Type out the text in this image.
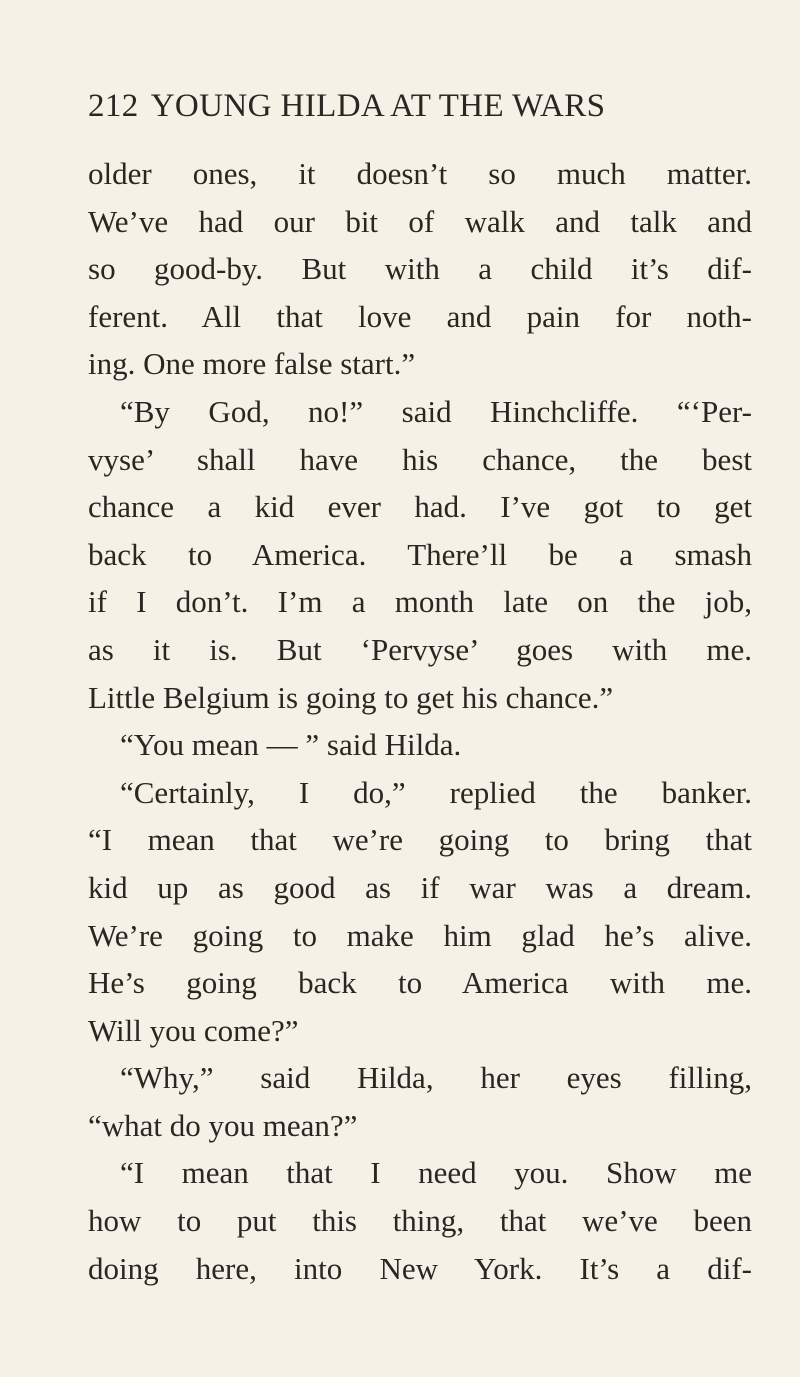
212 YOUNG HILDA AT THE WARS
older ones, it doesn’t so much matter.
We’ve had our bit of walk and talk and
so good-by. But with a child it’s dif-
ferent. All that love and pain for noth-
ing. One more false start.”
“By God, no!” said Hinchcliffe. “‘Per-
vyse’ shall have his chance, the best
chance a kid ever had. I’ve got to get
back to America. There’ll be a smash
if I don’t. I’m a month late on the job,
as it is. But ‘Pervyse’ goes with me.
Little Belgium is going to get his chance.”
“You mean — ” said Hilda.
“Certainly, I do,” replied the banker.
“I mean that we’re going to bring that
kid up as good as if war was a dream.
We’re going to make him glad he’s alive.
He’s going back to America with me.
Will you come?”
“Why,” said Hilda, her eyes filling,
“what do you mean?”
“I mean that I need you. Show me
how to put this thing, that we’ve been
doing here, into New York. It’s a dif-
